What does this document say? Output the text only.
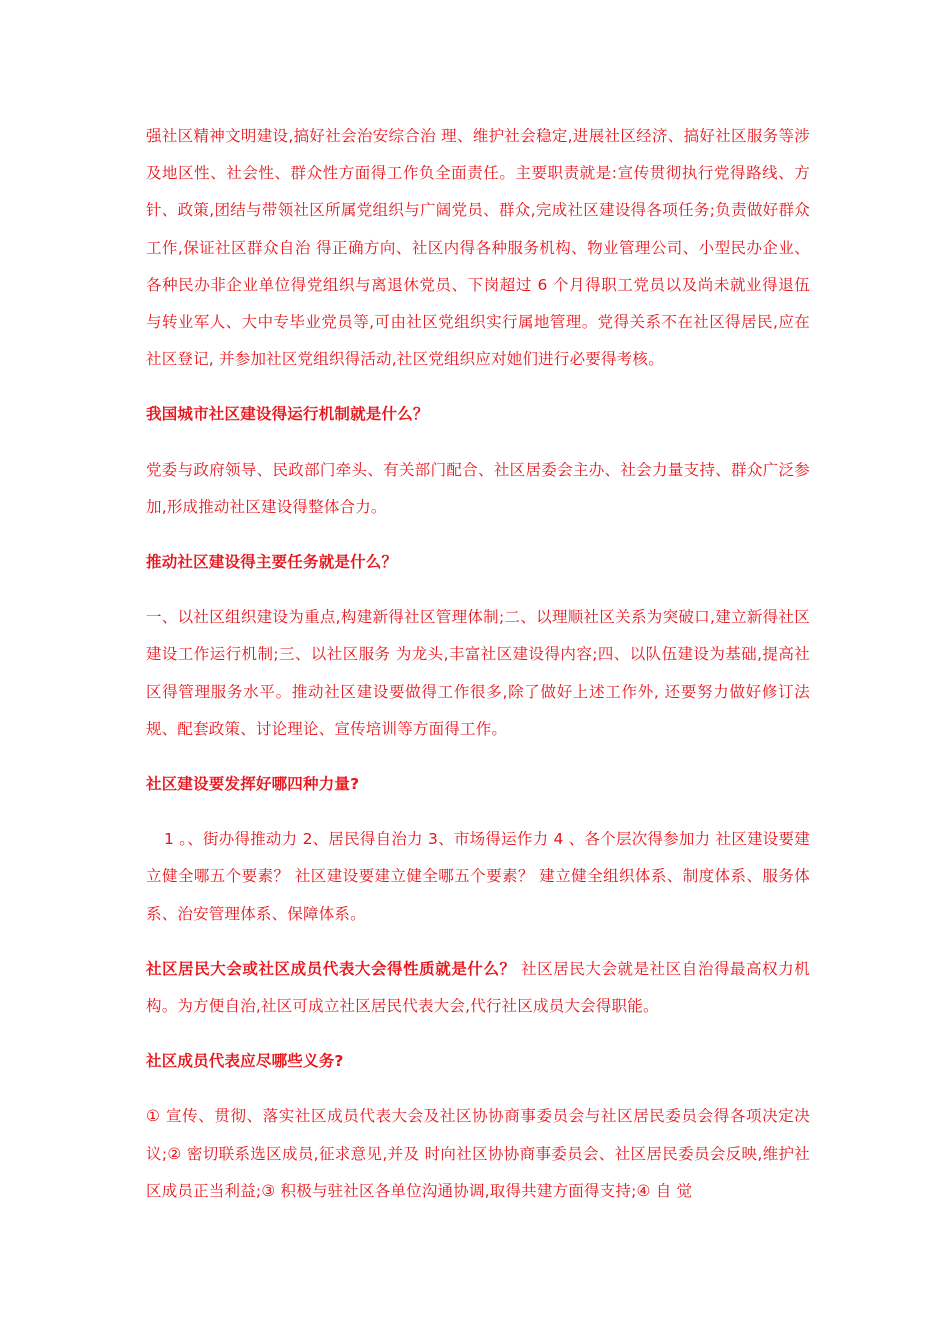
强社区精神文明建设,搞好社会治安综合治 理、维护社会稳定,进展社区经济、搞好社区服务等涉及地区性、社会性、群众性方面得工作负全面责任。主要职责就是:宣传贯彻执行党得路线、方针、政策,团结与带领社区所属党组织与广阔党员、群众,完成社区建设得各项任务;负责做好群众工作,保证社区群众自治 得正确方向、社区内得各种服务机构、物业管理公司、小型民办企业、各种民办非企业单位得党组织与离退休党员、下岗超过 6 个月得职工党员以及尚未就业得退伍与转业军人、大中专毕业党员等,可由社区党组织实行属地管理。党得关系不在社区得居民,应在社区登记, 并参加社区党组织得活动,社区党组织应对她们进行必要得考核。

我国城市社区建设得运行机制就是什么？

党委与政府领导、民政部门牵头、有关部门配合、社区居委会主办、社会力量支持、群众广泛参加,形成推动社区建设得整体合力。

推动社区建设得主要任务就是什么？

一、以社区组织建设为重点,构建新得社区管理体制;二、以理顺社区关系为突破口,建立新得社区建设工作运行机制;三、以社区服务 为龙头,丰富社区建设得内容;四、以队伍建设为基础,提高社区得管理服务水平。推动社区建设要做得工作很多,除了做好上述工作外, 还要努力做好修订法规、配套政策、讨论理论、宣传培训等方面得工作。

社区建设要发挥好哪四种力量?

1 。、街办得推动力 2、居民得自治力 3、市场得运作力 4 、各个层次得参加力 社区建设要建立健全哪五个要素？ 社区建设要建立健全哪五个要素？ 建立健全组织体系、制度体系、服务体系、治安管理体系、保障体系。

社区居民大会或社区成员代表大会得性质就是什么？ 社区居民大会就是社区自治得最高权力机构。为方便自治,社区可成立社区居民代表大会,代行社区成员大会得职能。

社区成员代表应尽哪些义务?

① 宣传、贯彻、落实社区成员代表大会及社区协协商事委员会与社区居民委员会得各项决定决议;② 密切联系选区成员,征求意见,并及 时向社区协协商事委员会、社区居民委员会反映,维护社区成员正当利益;③ 积极与驻社区各单位沟通协调,取得共建方面得支持;④ 自 觉
